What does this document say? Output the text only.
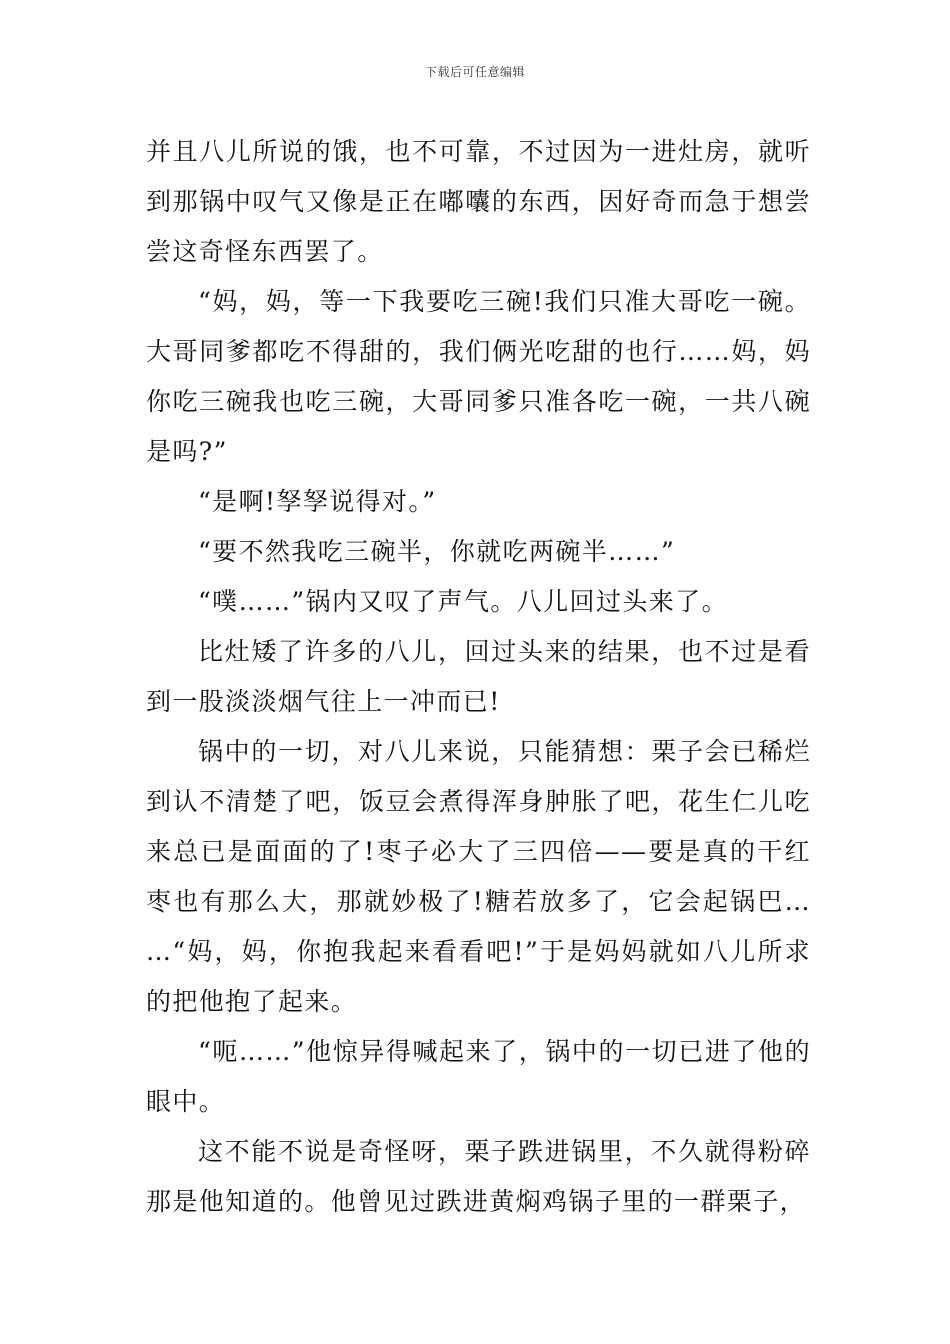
下载后可任意编辑

并且八儿所说的饿，也不可靠，不过因为一进灶房，就听到那锅中叹气又像是正在嘟囔的东西，因好奇而急于想尝尝这奇怪东西罢了。

“妈，妈，等一下我要吃三碗!我们只准大哥吃一碗。大哥同爹都吃不得甜的，我们俩光吃甜的也行……妈，妈你吃三碗我也吃三碗，大哥同爹只准各吃一碗，一共八碗是吗?”

“是啊!孥孥说得对。”

“要不然我吃三碗半，你就吃两碗半……”

“噗……”锅内又叹了声气。八儿回过头来了。

比灶矮了许多的八儿，回过头来的结果，也不过是看到一股淡淡烟气往上一冲而已!

锅中的一切，对八儿来说，只能猜想：栗子会已稀烂到认不清楚了吧，饭豆会煮得浑身肿胀了吧，花生仁儿吃来总已是面面的了!枣子必大了三四倍——要是真的干红枣也有那么大，那就妙极了!糖若放多了，它会起锅巴……“妈，妈，你抱我起来看看吧!”于是妈妈就如八儿所求的把他抱了起来。

“呃……”他惊异得喊起来了，锅中的一切已进了他的眼中。

这不能不说是奇怪呀，栗子跌进锅里，不久就得粉碎那是他知道的。他曾见过跌进黄焖鸡锅子里的一群栗子，
